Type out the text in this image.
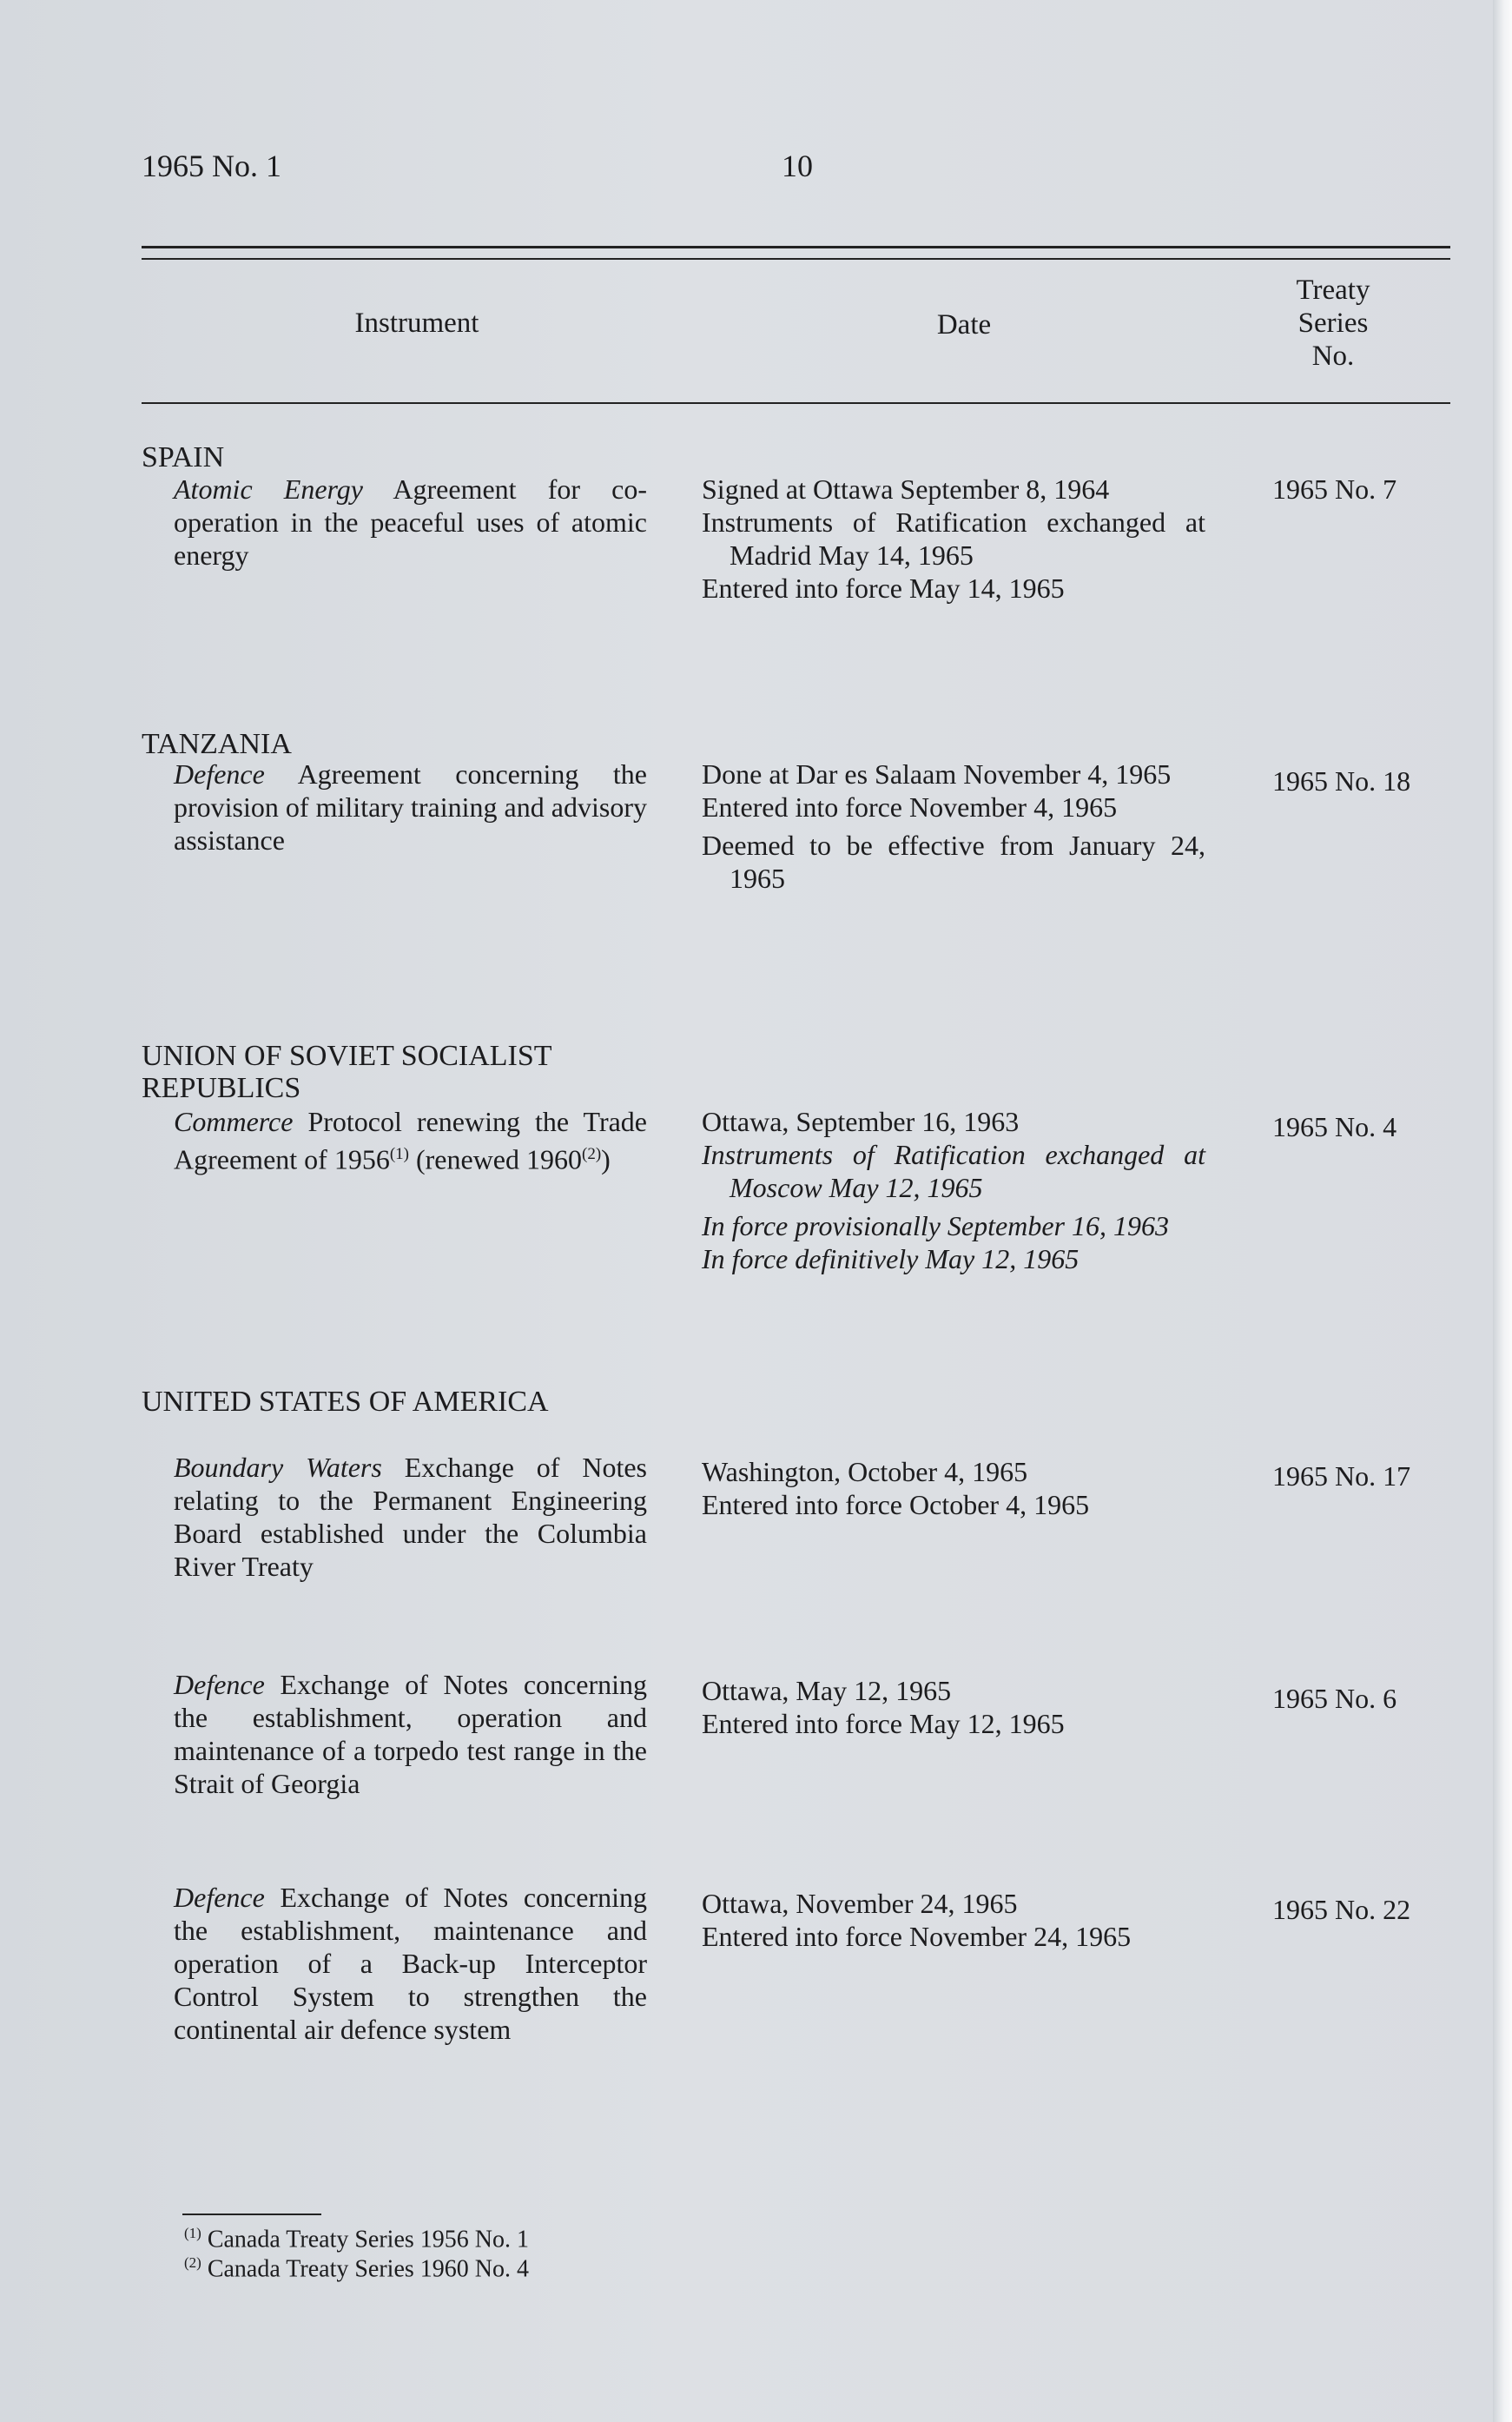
1965 No. 1	10
Instrument	Date
Treaty
Series
No.
SPAIN
Atomic Energy Agreement for co-operation in the peaceful uses of atomic energy

Signed at Ottawa September 8, 1964

Instruments of Ratification exchanged at Madrid May 14, 1965

Entered into force May 14, 1965

1965 No. 7
TANZANIA
Defence Agreement concerning the provision of military training and advisory assistance

Done at Dar es Salaam November 4, 1965

Entered into force November 4, 1965

Deemed to be effective from January 24, 1965

1965 No. 18
UNION OF SOVIET SOCIALIST REPUBLICS
Commerce Protocol renewing the Trade Agreement of 1956$^{(1)}$ (renewed 1960$^{(2)}$)

Ottawa, September 16, 1963

Instruments of Ratification exchanged at Moscow May 12, 1965

In force provisionally September 16, 1963

In force definitively May 12, 1965

1965 No. 4
UNITED STATES OF AMERICA
Boundary Waters Exchange of Notes relating to the Permanent Engineering Board established under the Columbia River Treaty

Washington, October 4, 1965

Entered into force October 4, 1965

1965 No. 17
Defence Exchange of Notes concerning the establishment, operation and maintenance of a torpedo test range in the Strait of Georgia

Ottawa, May 12, 1965

Entered into force May 12, 1965

1965 No. 6
Defence Exchange of Notes concerning the establishment, maintenance and operation of a Back-up Interceptor Control System to strengthen the continental air defence system

Ottawa, November 24, 1965

Entered into force November 24, 1965

1965 No. 22
$^{(1)}$ Canada Treaty Series 1956 No. 1
$^{(2)}$ Canada Treaty Series 1960 No. 4
